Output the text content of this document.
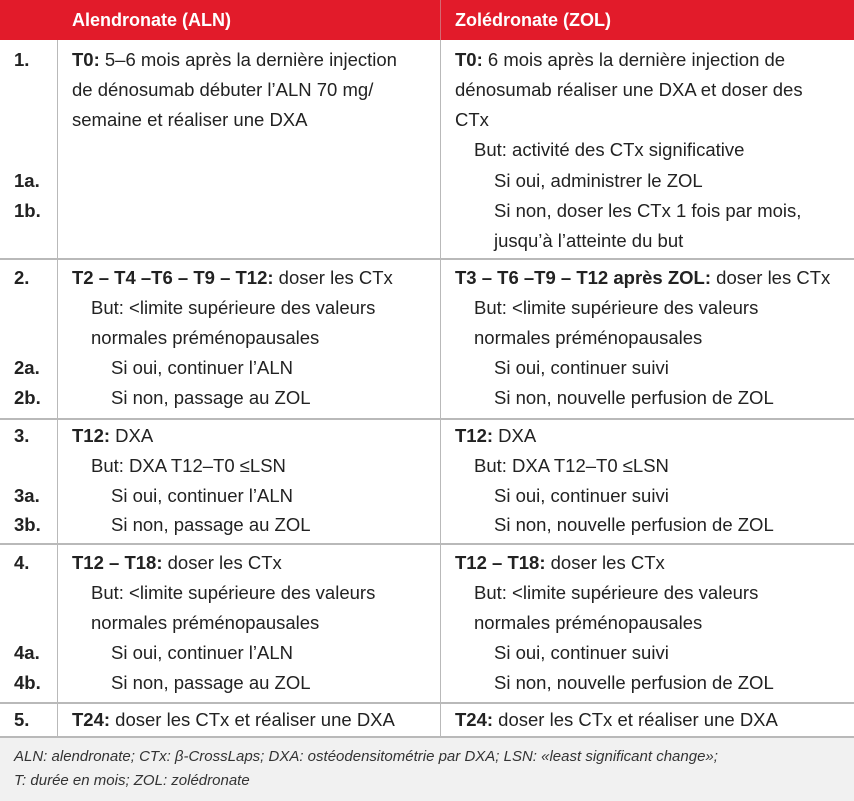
Alendronate (ALN)	Zolédronate (ZOL)
1.
1a.
1b.
T0: 5–6 mois après la dernière injection
de dénosumab débuter l’ALN 70 mg/
semaine et réaliser une DXA
T0: 6 mois après la dernière injection de
dénosumab réaliser une DXA et doser des
CTx
But: activité des CTx significative
Si oui, administrer le ZOL
Si non, doser les CTx 1 fois par mois,
jusqu’à l’atteinte du but
2.
2a.
2b.
T2 – T4 –T6 – T9 – T12: doser les CTx
But: <limite supérieure des valeurs
normales préménopausales
Si oui, continuer l’ALN
Si non, passage au ZOL
T3 – T6 –T9 – T12 après ZOL: doser les CTx
But: <limite supérieure des valeurs
normales préménopausales
Si oui, continuer suivi
Si non, nouvelle perfusion de ZOL
3.
3a.
3b.
T12: DXA
But: DXA T12–T0 ≤LSN
Si oui, continuer l’ALN
Si non, passage au ZOL
T12: DXA
But: DXA T12–T0 ≤LSN
Si oui, continuer suivi
Si non, nouvelle perfusion de ZOL
4.
4a.
4b.
T12 – T18: doser les CTx
But: <limite supérieure des valeurs
normales préménopausales
Si oui, continuer l’ALN
Si non, passage au ZOL
T12 – T18: doser les CTx
But: <limite supérieure des valeurs
normales préménopausales
Si oui, continuer suivi
Si non, nouvelle perfusion de ZOL
5. T24: doser les CTx et réaliser une DXA	T24: doser les CTx et réaliser une DXA
ALN: alendronate; CTx: β-CrossLaps; DXA: ostéodensitométrie par DXA; LSN: «least significant change»;
T: durée en mois; ZOL: zolédronate
